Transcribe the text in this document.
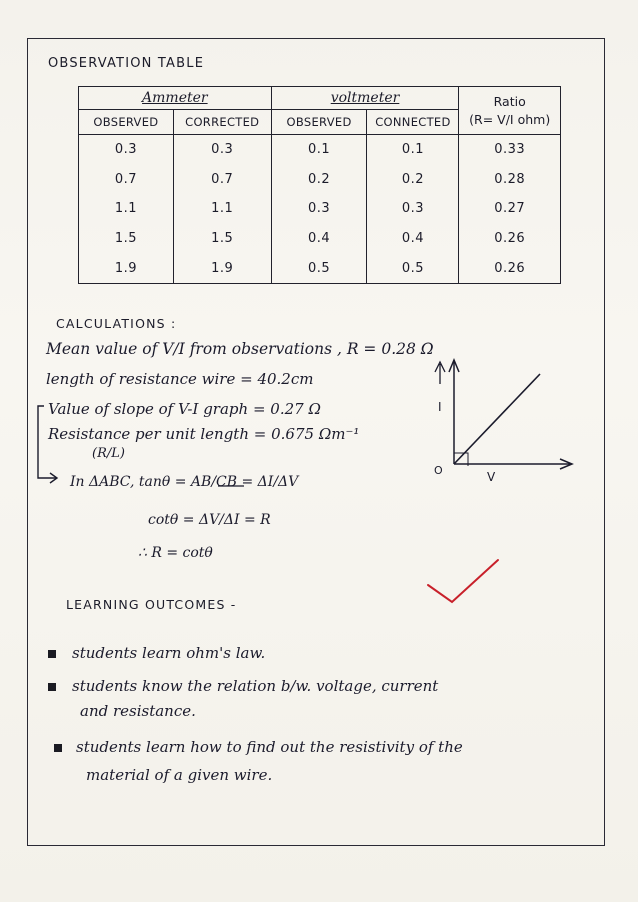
OBSERVATION TABLE
Ammeter		voltmeter		Ratio
(R= V/I ohm)
OBSERVED	CORRECTED	OBSERVED	CONNECTED	
0.3	0.3	0.1	0.1	0.33
0.7	0.7	0.2	0.2	0.28
1.1	1.1	0.3	0.3	0.27
1.5	1.5	0.4	0.4	0.26
1.9	1.9	0.5	0.5	0.26
CALCULATIONS :
Mean value of V/I from observations , R = 0.28 Ω
length of resistance wire = 40.2cm
Value of slope of V-I graph = 0.27 Ω
Resistance per unit length = 0.675 Ωm⁻¹
(R/L)
In ΔABC, tanθ = AB/CB = ΔI/ΔV
cotθ = ΔV/ΔI = R
∴ R = cotθ
I
V
O
LEARNING OUTCOMES -
students learn ohm's law.
students know the relation b/w. voltage, current
and resistance.
students learn how to find out the resistivity of the
material of a given wire.
